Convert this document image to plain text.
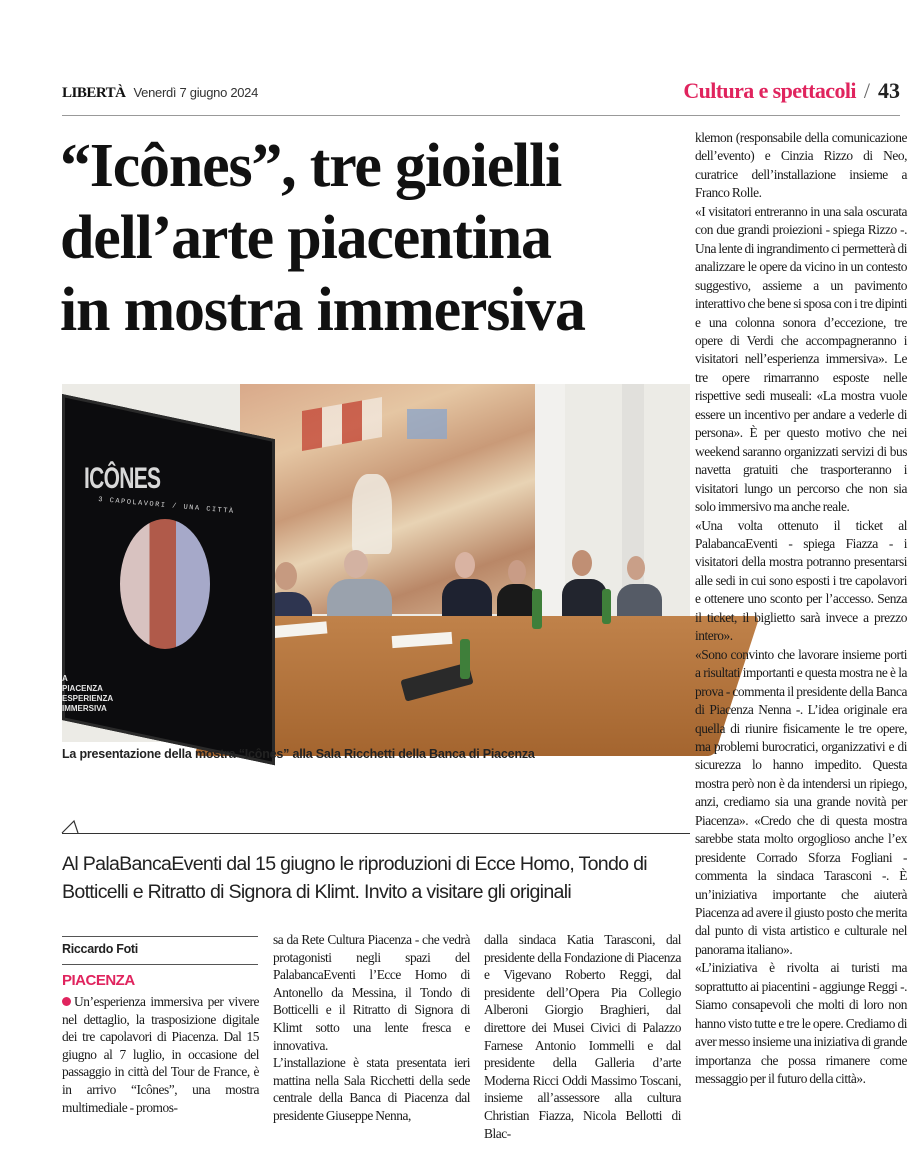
LIBERTÀ Venerdì 7 giugno 2024	Cultura e spettacoli / 43
“Icônes”, tre gioielli
dell’arte piacentina
in mostra immersiva
ICÔNES
3 CAPOLAVORI / UNA CITTÀ
A PIACENZA ESPERIENZA IMMERSIVA
La presentazione della mostra “Icônes” alla Sala Ricchetti della Banca di Piacenza

klemon (responsabile della comunicazione dell’evento) e Cinzia Rizzo di Neo, curatrice dell’installazione insieme a Franco Rolle.

«I visitatori entreranno in una sala oscurata con due grandi proiezioni - spiega Rizzo -. Una lente di ingrandimento ci permetterà di analizzare le opere da vicino in un contesto suggestivo, assieme a un pavimento interattivo che bene si sposa con i tre dipinti e una colonna sonora d’eccezione, tre opere di Verdi che accompagneranno i visitatori nell’esperienza immersiva». Le tre opere rimarranno esposte nelle rispettive sedi museali: «La mostra vuole essere un incentivo per andare a vederle di persona». È per questo motivo che nei weekend saranno organizzati servizi di bus navetta gratuiti che trasporteranno i visitatori lungo un percorso che non sia solo immersivo ma anche reale.

«Una volta ottenuto il ticket al PalabancaEventi - spiega Fiazza - i visitatori della mostra potranno presentarsi alle sedi in cui sono esposti i tre capolavori e ottenere uno sconto per l’accesso. Senza il ticket, il biglietto sarà invece a prezzo intero».

«Sono convinto che lavorare insieme porti a risultati importanti e questa mostra ne è la prova - commenta il presidente della Banca di Piacenza Nenna -. L’idea originale era quella di riunire fisicamente le tre opere, ma problemi burocratici, organizzativi e di sicurezza lo hanno impedito. Questa mostra però non è da intendersi un ripiego, anzi, crediamo sia una grande novità per Piacenza». «Credo che di questa mostra sarebbe stata molto orgoglioso anche l’ex presidente Corrado Sforza Fogliani - commenta la sindaca Tarasconi -. È un’iniziativa importante che aiuterà Piacenza ad avere il giusto posto che merita dal punto di vista artistico e culturale nel panorama italiano».

«L’iniziativa è rivolta ai turisti ma soprattutto ai piacentini - aggiunge Reggi -. Siamo consapevoli che molti di loro non hanno visto tutte e tre le opere. Crediamo di aver messo insieme una iniziativa di grande importanza che possa rimanere come messaggio per il futuro della città».

Al PalaBancaEventi dal 15 giugno le riproduzioni di Ecce Homo, Tondo di Botticelli e Ritratto di Signora di Klimt. Invito a visitare gli originali
Riccardo Foti
PIACENZA

Un’esperienza immersiva per vivere nel dettaglio, la trasposizione digitale dei tre capolavori di Piacenza. Dal 15 giugno al 7 luglio, in occasione del passaggio in città del Tour de France, è in arrivo “Icônes”, una mostra multimediale - promos-

sa da Rete Cultura Piacenza - che vedrà protagonisti negli spazi del PalabancaEventi l’Ecce Homo di Antonello da Messina, il Tondo di Botticelli e il Ritratto di Signora di Klimt sotto una lente fresca e innovativa.

L’installazione è stata presentata ieri mattina nella Sala Ricchetti della sede centrale della Banca di Piacenza dal presidente Giuseppe Nenna,

dalla sindaca Katia Tarasconi, dal presidente della Fondazione di Piacenza e Vigevano Roberto Reggi, dal presidente dell’Opera Pia Collegio Alberoni Giorgio Braghieri, dal direttore dei Musei Civici di Palazzo Farnese Antonio Iommelli e dal presidente della Galleria d’arte Moderna Ricci Oddi Massimo Toscani, insieme all’assessore alla cultura Christian Fiazza, Nicola Bellotti di Blac-
